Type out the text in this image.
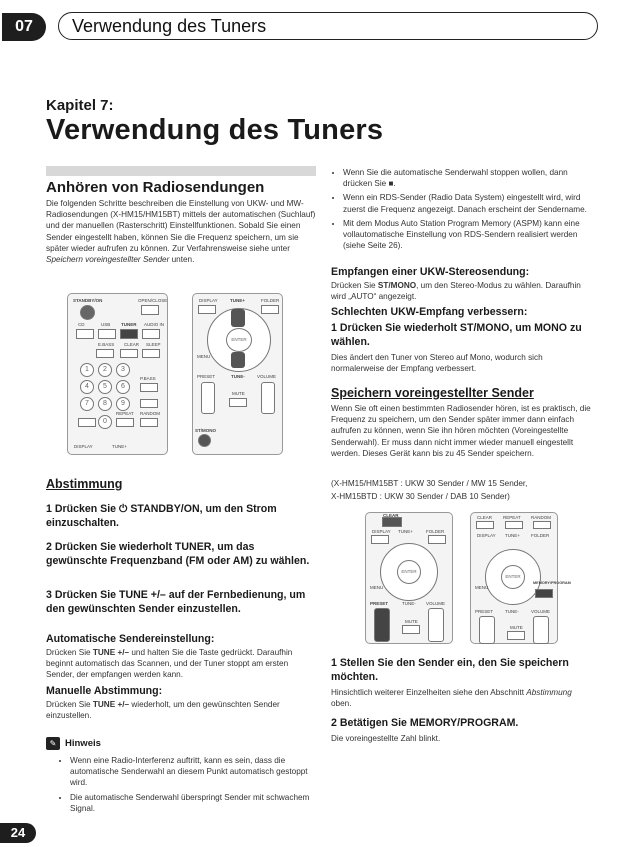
07	Verwendung des Tuners
Kapitel 7:
Verwendung des Tuners
Anhören von Radiosendungen
Die folgenden Schritte beschreiben die Einstellung von UKW- und MW-Radiosendungen (X-HM15/HM15BT) mittels der automatischen (Suchlauf) und der manuellen (Rasterschritt) Einstellfunktionen. Sobald Sie einen Sender eingestellt haben, können Sie die Frequenz speichern, um sie später wieder aufrufen zu können. Zur Verfahrensweise siehe unter Speichern voreingestellter Sender unten.
STANDBY/ON	OPEN/CLOSE
CD	USB TUNER AUDIO IN
E.BASS CLEAR SLEEP
1	2	3
P.BASS
4	5	6
7	8	9
RANDOM
REPEAT
0
DISPLAY	TUNE+
DISPLAY	TUNE+	FOLDER
ENTER
MENU
TUNE-
PRESET	VOLUME
MUTE
ST/MONO
Abstimmung
1 Drücken Sie ⏻ STANDBY/ON, um den Strom einzuschalten.
2 Drücken Sie wiederholt TUNER, um das gewünschte Frequenzband (FM oder AM) zu wählen.
3 Drücken Sie TUNE +/– auf der Fernbedienung, um den gewünschten Sender einzustellen.
Automatische Sendereinstellung:
Drücken Sie TUNE +/– und halten Sie die Taste gedrückt. Daraufhin beginnt automatisch das Scannen, und der Tuner stoppt am ersten Sender, der empfangen werden kann.
Manuelle Abstimmung:
Drücken Sie TUNE +/– wiederholt, um den gewünschten Sender einzustellen.
✎ Hinweis
• Wenn eine Radio-Interferenz auftritt, kann es sein, dass die automatische Senderwahl an diesem Punkt automatisch gestoppt wird.
• Die automatische Senderwahl überspringt Sender mit schwachem Signal.
• Wenn Sie die automatische Senderwahl stoppen wollen, dann drücken Sie ■.
• Wenn ein RDS-Sender (Radio Data System) eingestellt wird, wird zuerst die Frequenz angezeigt. Danach erscheint der Sendername.
• Mit dem Modus Auto Station Program Memory (ASPM) kann eine vollautomatische Einstellung von RDS-Sendern realisiert werden (siehe Seite 26).
Empfangen einer UKW-Stereosendung:
Drücken Sie ST/MONO, um den Stereo-Modus zu wählen. Daraufhin wird „AUTO“ angezeigt.
Schlechten UKW-Empfang verbessern:
1 Drücken Sie wiederholt ST/MONO, um MONO zu wählen.
Dies ändert den Tuner von Stereo auf Mono, wodurch sich normalerweise der Empfang verbessert.
Speichern voreingestellter Sender
Wenn Sie oft einen bestimmten Radiosender hören, ist es praktisch, die Frequenz zu speichern, um den Sender später immer dann einfach aufrufen zu können, wenn Sie ihn hören möchten (Voreingestellte Senderwahl). Er muss dann nicht immer wieder manuell eingestellt werden. Dieses Gerät kann bis zu 45 Sender speichern.
(X-HM15/HM15BT : UKW 30 Sender / MW 15 Sender,
X-HM15BTD : UKW 30 Sender / DAB 10 Sender)
CLEAR
DISPLAY TUNE+	FOLDER
ENTER
MENU
PRESET	TUNE- VOLUME
MUTE
CLEAR REPEAT RANDOM
DISPLAY TUNE+ FOLDER
ENTER
MENU
MEMORY/PROGRAM
PRESET	TUNE-	VOLUME
MUTE
1 Stellen Sie den Sender ein, den Sie speichern möchten.
Hinsichtlich weiterer Einzelheiten siehe den Abschnitt Abstimmung oben.
2 Betätigen Sie MEMORY/PROGRAM.
Die voreingestellte Zahl blinkt.
24
